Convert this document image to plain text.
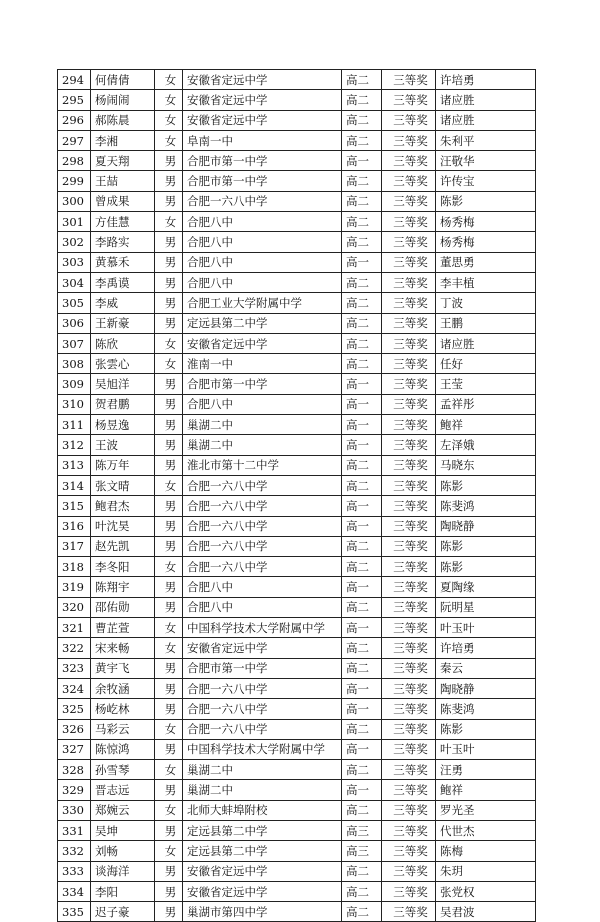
294	何倩倩	女	安徽省定远中学	高二	三等奖	许培勇
295	杨闹闹	女	安徽省定远中学	高二	三等奖	诸应胜
296	郝陈晨	女	安徽省定远中学	高二	三等奖	诸应胜
297	李湘	女	阜南一中	高二	三等奖	朱利平
298	夏天翔	男	合肥市第一中学	高一	三等奖	汪敬华
299	王喆	男	合肥市第一中学	高二	三等奖	许传宝
300	曾成果	男	合肥一六八中学	高二	三等奖	陈影
301	方佳慧	女	合肥八中	高二	三等奖	杨秀梅
302	李路实	男	合肥八中	高二	三等奖	杨秀梅
303	黄慕禾	男	合肥八中	高一	三等奖	董思勇
304	李禹谟	男	合肥八中	高二	三等奖	李丰植
305	李威	男	合肥工业大学附属中学	高二	三等奖	丁波
306	王新豪	男	定远县第二中学	高二	三等奖	王鹏
307	陈欣	女	安徽省定远中学	高二	三等奖	诸应胜
308	张雲心	女	淮南一中	高二	三等奖	任好
309	吴旭洋	男	合肥市第一中学	高一	三等奖	王莹
310	贺君鹏	男	合肥八中	高一	三等奖	孟祥彤
311	杨昱逸	男	巢湖二中	高一	三等奖	鲍祥
312	王波	男	巢湖二中	高一	三等奖	左泽娥
313	陈万年	男	淮北市第十二中学	高二	三等奖	马晓东
314	张文晴	女	合肥一六八中学	高二	三等奖	陈影
315	鲍君杰	男	合肥一六八中学	高一	三等奖	陈斐鸿
316	叶沈昊	男	合肥一六八中学	高一	三等奖	陶晓静
317	赵先凯	男	合肥一六八中学	高二	三等奖	陈影
318	李冬阳	女	合肥一六八中学	高二	三等奖	陈影
319	陈翔宇	男	合肥八中	高一	三等奖	夏陶缘
320	邵佑勋	男	合肥八中	高二	三等奖	阮明星
321	曹芷萱	女	中国科学技术大学附属中学	高一	三等奖	叶玉叶
322	宋来畅	女	安徽省定远中学	高二	三等奖	许培勇
323	黄宇飞	男	合肥市第一中学	高二	三等奖	秦云
324	余牧涵	男	合肥一六八中学	高一	三等奖	陶晓静
325	杨屹林	男	合肥一六八中学	高一	三等奖	陈斐鸿
326	马彩云	女	合肥一六八中学	高二	三等奖	陈影
327	陈惊鸿	男	中国科学技术大学附属中学	高一	三等奖	叶玉叶
328	孙雪琴	女	巢湖二中	高二	三等奖	汪勇
329	晋志远	男	巢湖二中	高一	三等奖	鲍祥
330	郑婉云	女	北师大蚌埠附校	高二	三等奖	罗光圣
331	吴坤	男	定远县第二中学	高三	三等奖	代世杰
332	刘畅	女	定远县第二中学	高三	三等奖	陈梅
333	谈海洋	男	安徽省定远中学	高二	三等奖	朱玥
334	李阳	男	安徽省定远中学	高二	三等奖	张党权
335	迟子豪	男	巢湖市第四中学	高二	三等奖	吴君波
